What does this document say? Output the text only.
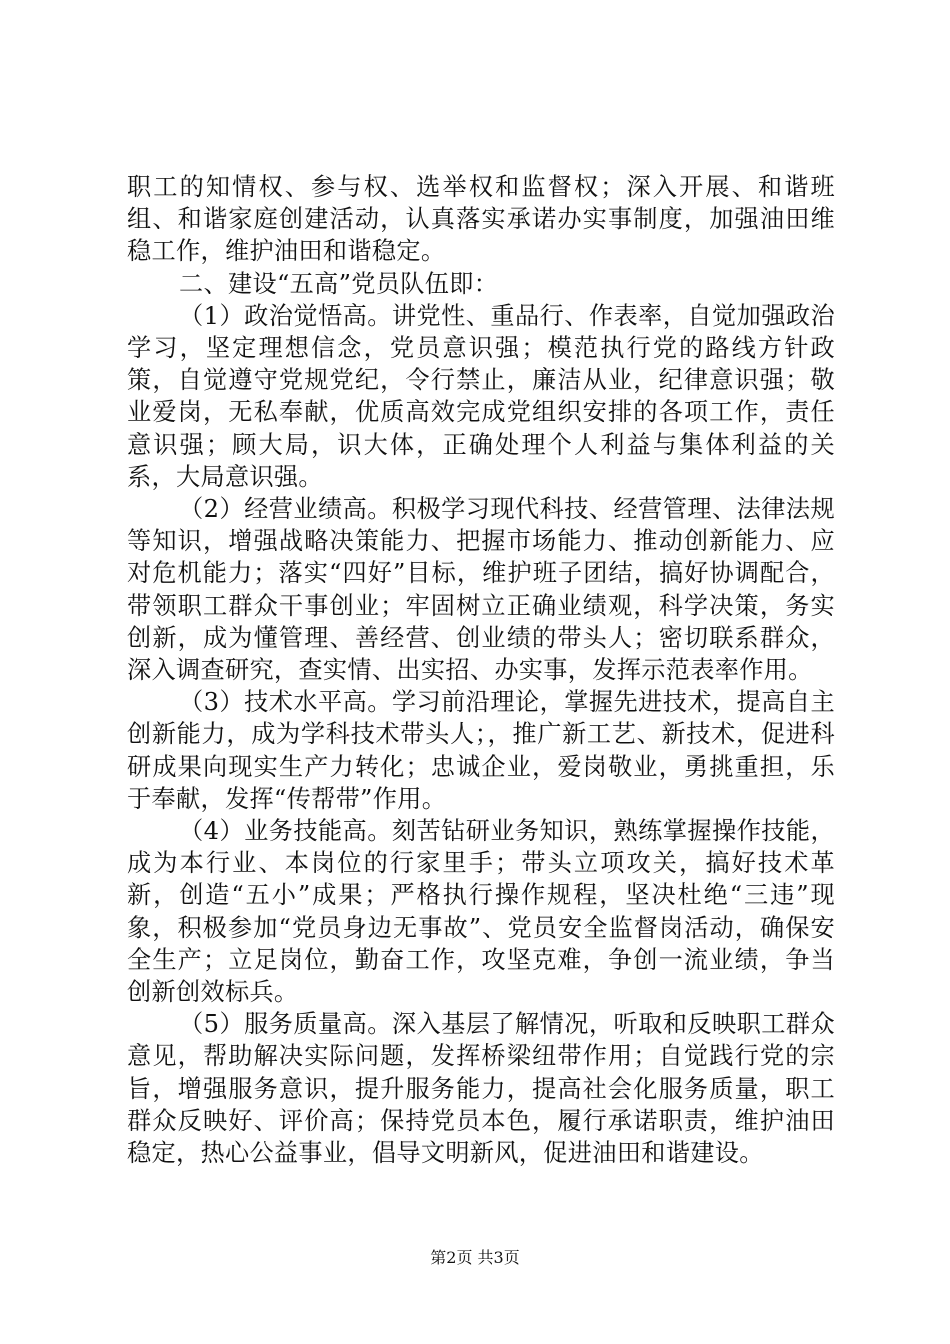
职工的知情权、参与权、选举权和监督权；深入开展、和谐班组、和谐家庭创建活动，认真落实承诺办实事制度，加强油田维稳工作，维护油田和谐稳定。

二、建设“五高”党员队伍即：

（1）政治觉悟高。讲党性、重品行、作表率，自觉加强政治学习，坚定理想信念，党员意识强；模范执行党的路线方针政策，自觉遵守党规党纪，令行禁止，廉洁从业，纪律意识强；敬业爱岗，无私奉献，优质高效完成党组织安排的各项工作，责任意识强；顾大局，识大体，正确处理个人利益与集体利益的关系，大局意识强。

（2）经营业绩高。积极学习现代科技、经营管理、法律法规等知识，增强战略决策能力、把握市场能力、推动创新能力、应对危机能力；落实“四好”目标，维护班子团结，搞好协调配合，带领职工群众干事创业；牢固树立正确业绩观，科学决策，务实创新，成为懂管理、善经营、创业绩的带头人；密切联系群众，深入调查研究，查实情、出实招、办实事，发挥示范表率作用。

（3）技术水平高。学习前沿理论，掌握先进技术，提高自主创新能力，成为学科技术带头人；，推广新工艺、新技术，促进科研成果向现实生产力转化；忠诚企业，爱岗敬业，勇挑重担，乐于奉献，发挥“传帮带”作用。

（4）业务技能高。刻苦钻研业务知识，熟练掌握操作技能，成为本行业、本岗位的行家里手；带头立项攻关，搞好技术革新，创造“五小”成果；严格执行操作规程，坚决杜绝“三违”现象，积极参加“党员身边无事故”、党员安全监督岗活动，确保安全生产；立足岗位，勤奋工作，攻坚克难，争创一流业绩，争当创新创效标兵。

（5）服务质量高。深入基层了解情况，听取和反映职工群众意见，帮助解决实际问题，发挥桥梁纽带作用；自觉践行党的宗旨，增强服务意识，提升服务能力，提高社会化服务质量，职工群众反映好、评价高；保持党员本色，履行承诺职责，维护油田稳定，热心公益事业，倡导文明新风，促进油田和谐建设。

第2页 共3页
